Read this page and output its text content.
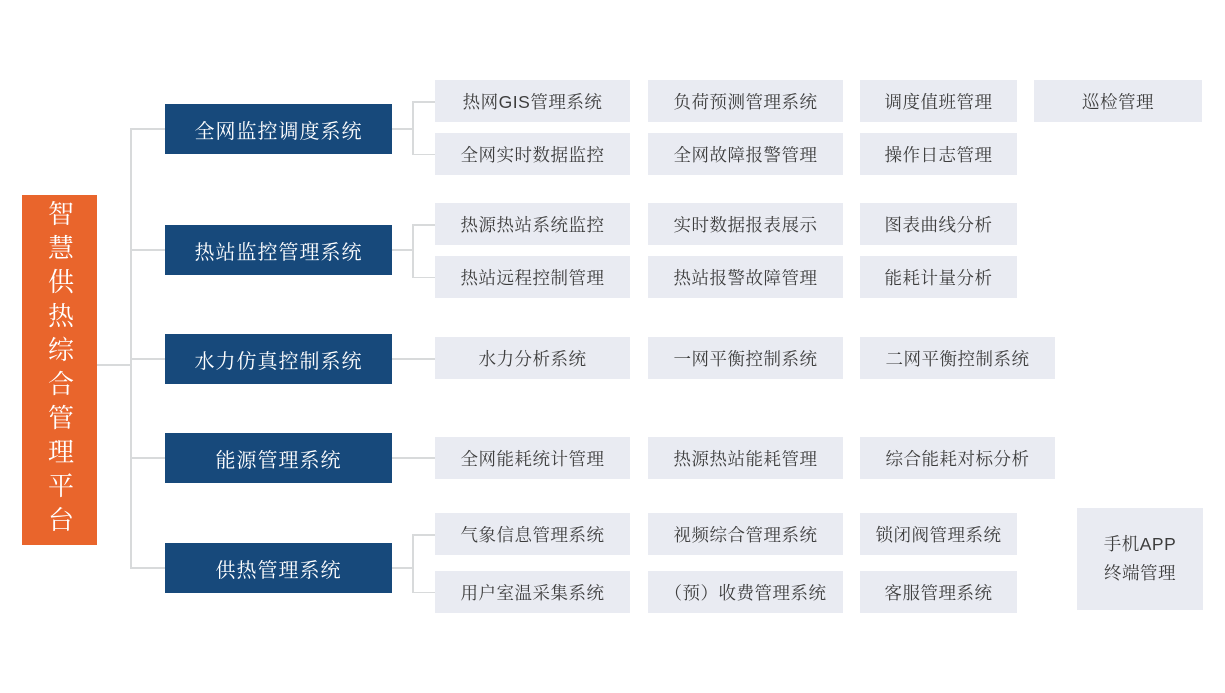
智慧供热综合管理平台
全网监控调度系统
热站监控管理系统
水力仿真控制系统
能源管理系统
供热管理系统
热网GIS管理系统	负荷预测管理系统	调度值班管理	巡检管理
全网实时数据监控	全网故障报警管理	操作日志管理
热源热站系统监控	实时数据报表展示	图表曲线分析
热站远程控制管理	热站报警故障管理	能耗计量分析
水力分析系统	一网平衡控制系统	二网平衡控制系统
全网能耗统计管理	热源热站能耗管理	综合能耗对标分析
气象信息管理系统	视频综合管理系统	锁闭阀管理系统
用户室温采集系统	（预）收费管理系统	客服管理系统
手机APP
终端管理
